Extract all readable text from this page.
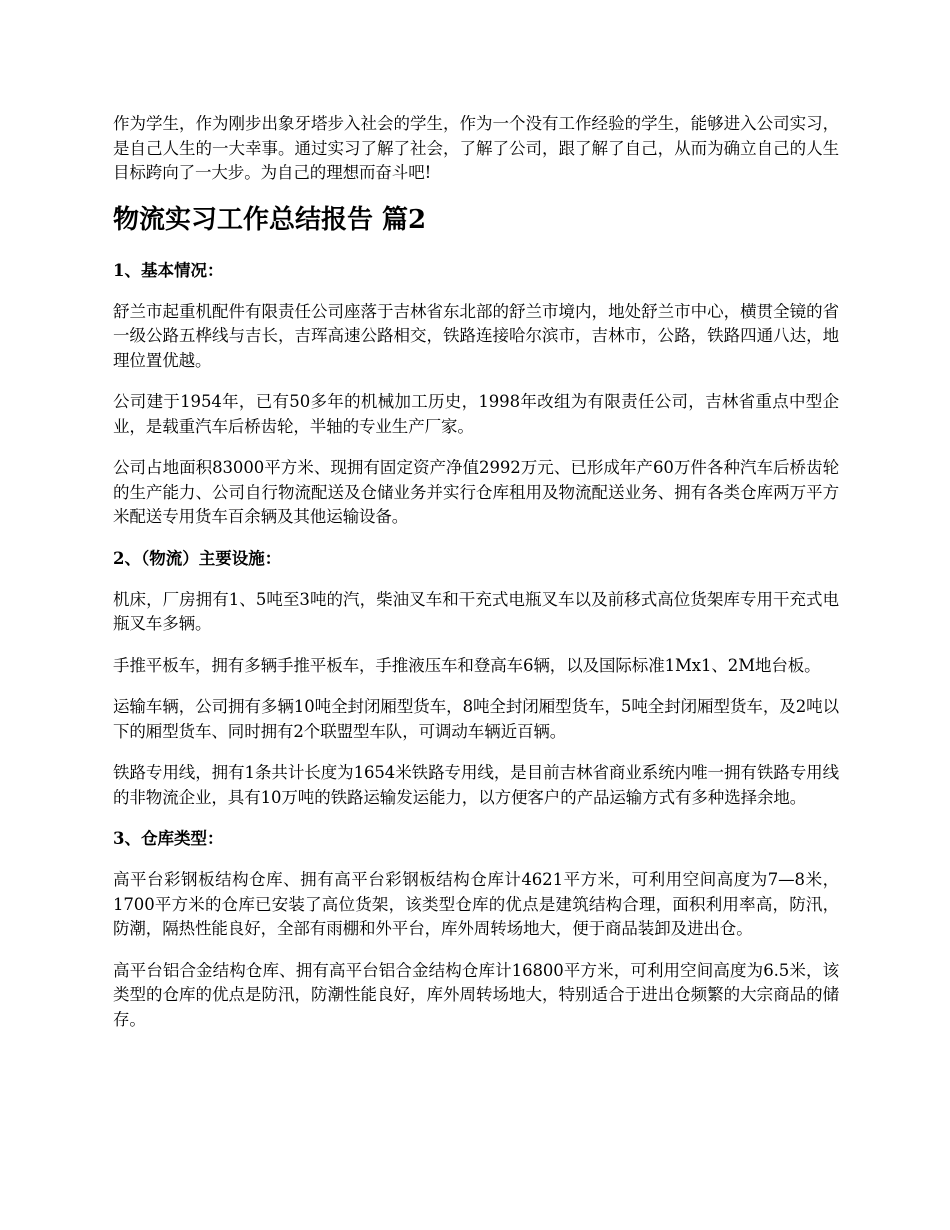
作为学生，作为刚步出象牙塔步入社会的学生，作为一个没有工作经验的学生，能够进入公司实习，是自己人生的一大幸事。通过实习了解了社会，了解了公司，跟了解了自己，从而为确立自己的人生目标跨向了一大步。为自己的理想而奋斗吧!

物流实习工作总结报告 篇2
1、基本情况：

舒兰市起重机配件有限责任公司座落于吉林省东北部的舒兰市境内，地处舒兰市中心，横贯全镜的省一级公路五桦线与吉长，吉珲高速公路相交，铁路连接哈尔滨市，吉林市，公路，铁路四通八达，地理位置优越。

公司建于1954年，已有50多年的机械加工历史，1998年改组为有限责任公司，吉林省重点中型企业，是载重汽车后桥齿轮，半轴的专业生产厂家。

公司占地面积83000平方米、现拥有固定资产净值2992万元、已形成年产60万件各种汽车后桥齿轮的生产能力、公司自行物流配送及仓储业务并实行仓库租用及物流配送业务、拥有各类仓库两万平方米配送专用货车百余辆及其他运输设备。

2、（物流）主要设施：

机床，厂房拥有1、5吨至3吨的汽，柴油叉车和干充式电瓶叉车以及前移式高位货架库专用干充式电瓶叉车多辆。

手推平板车，拥有多辆手推平板车，手推液压车和登高车6辆，以及国际标准1Mx1、2M地台板。

运输车辆，公司拥有多辆10吨全封闭厢型货车，8吨全封闭厢型货车，5吨全封闭厢型货车，及2吨以下的厢型货车、同时拥有2个联盟型车队，可调动车辆近百辆。

铁路专用线，拥有1条共计长度为1654米铁路专用线，是目前吉林省商业系统内唯一拥有铁路专用线的非物流企业，具有10万吨的铁路运输发运能力，以方便客户的产品运输方式有多种选择余地。

3、仓库类型：

高平台彩钢板结构仓库、拥有高平台彩钢板结构仓库计4621平方米，可利用空间高度为7—8米，1700平方米的仓库已安装了高位货架，该类型仓库的优点是建筑结构合理，面积利用率高，防汛，防潮，隔热性能良好，全部有雨棚和外平台，库外周转场地大，便于商品装卸及进出仓。

高平台铝合金结构仓库、拥有高平台铝合金结构仓库计16800平方米，可利用空间高度为6.5米，该类型的仓库的优点是防汛，防潮性能良好，库外周转场地大，特别适合于进出仓频繁的大宗商品的储存。
